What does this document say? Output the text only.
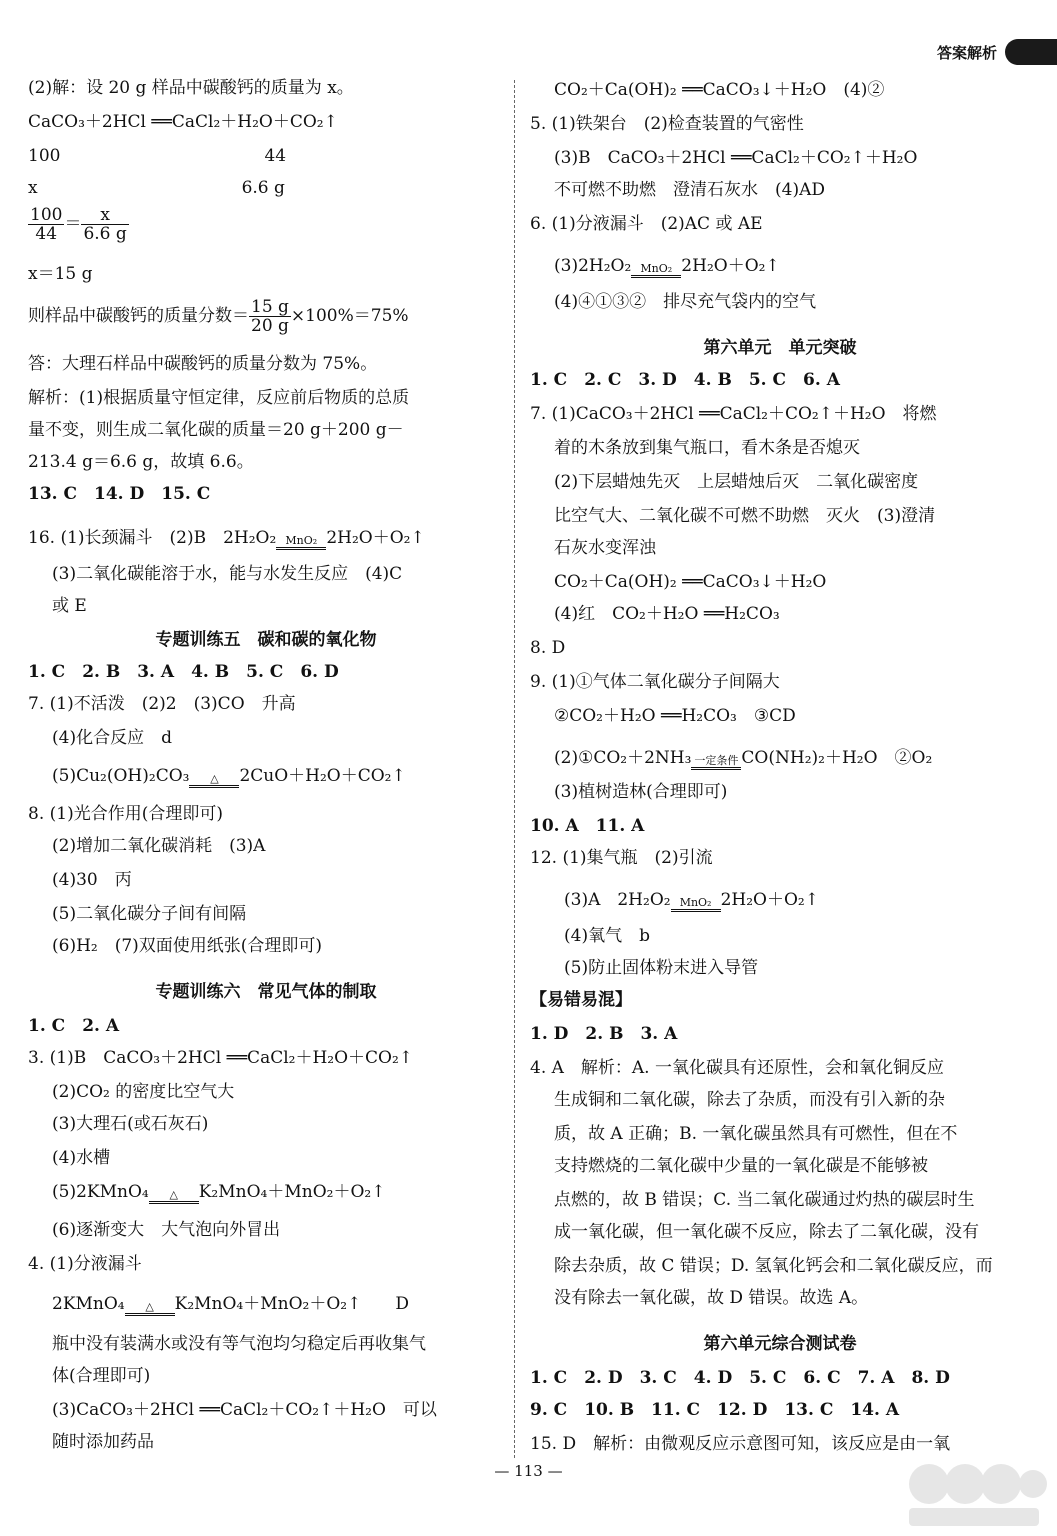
答案解析
(2)解：设 20 g 样品中碳酸钙的质量为 x。
CaCO₃＋2HCl ══CaCl₂＋H₂O＋CO₂↑
100　　　　　　　　　　　　44
x　　　　　　　　　　　　6.6 g
$\frac{100}{44} = \frac{x}{6.6 g}$
x＝15 g
则样品中碳酸钙的质量分数＝ $\frac{15 g}{20 g} \times 100\%=75\%$
答：大理石样品中碳酸钙的质量分数为 75%。
解析：(1)根据质量守恒定律，反应前后物质的总质
量不变，则生成二氧化碳的质量＝20 g＋200 g－
213.4 g＝6.6 g，故填 6.6。
13. C　14. D　15. C
16. (1)长颈漏斗　(2)B　2H₂O₂ MnO₂ 2H₂O＋O₂↑
(3)二氧化碳能溶于水，能与水发生反应　(4)C
或 E
专题训练五　碳和碳的氧化物
1. C　2. B　3. A　4. B　5. C　6. D
7. (1)不活泼　(2)2　(3)CO　升高
(4)化合反应　d
(5)Cu₂(OH)₂CO₃ △ 2CuO＋H₂O＋CO₂↑
8. (1)光合作用(合理即可)
(2)增加二氧化碳消耗　(3)A
(4)30　丙
(5)二氧化碳分子间有间隔
(6)H₂　(7)双面使用纸张(合理即可)
专题训练六　常见气体的制取
1. C　2. A
3. (1)B　CaCO₃＋2HCl ══CaCl₂＋H₂O＋CO₂↑
(2)CO₂ 的密度比空气大
(3)大理石(或石灰石)
(4)水槽
(5)2KMnO₄ △ K₂MnO₄＋MnO₂＋O₂↑
(6)逐渐变大　大气泡向外冒出
4. (1)分液漏斗
2KMnO₄ △ K₂MnO₄＋MnO₂＋O₂↑　　D
瓶中没有装满水或没有等气泡均匀稳定后再收集气
体(合理即可)
(3)CaCO₃＋2HCl ══CaCl₂＋CO₂↑＋H₂O　可以
随时添加药品
CO₂＋Ca(OH)₂ ══CaCO₃↓＋H₂O　(4)②
5. (1)铁架台　(2)检查装置的气密性
(3)B　CaCO₃＋2HCl ══CaCl₂＋CO₂↑＋H₂O
不可燃不助燃　澄清石灰水　(4)AD
6. (1)分液漏斗　(2)AC 或 AE
(3)2H₂O₂ MnO₂ 2H₂O＋O₂↑
(4)④①③②　排尽充气袋内的空气
第六单元　单元突破
1. C　2. C　3. D　4. B　5. C　6. A
7. (1)CaCO₃＋2HCl ══CaCl₂＋CO₂↑＋H₂O　将燃
着的木条放到集气瓶口，看木条是否熄灭
(2)下层蜡烛先灭　上层蜡烛后灭　二氧化碳密度
比空气大、二氧化碳不可燃不助燃　灭火　(3)澄清
石灰水变浑浊
CO₂＋Ca(OH)₂ ══CaCO₃↓＋H₂O
(4)红　CO₂＋H₂O ══H₂CO₃
8. D
9. (1)①气体二氧化碳分子间隔大
②CO₂＋H₂O ══H₂CO₃　③CD
(2)①CO₂＋2NH₃ 一定条件 CO(NH₂)₂＋H₂O　②O₂
(3)植树造林(合理即可)
10. A　11. A
12. (1)集气瓶　(2)引流
(3)A　2H₂O₂ MnO₂ 2H₂O＋O₂↑
(4)氧气　b
(5)防止固体粉末进入导管
【易错易混】
1. D　2. B　3. A
4. A　解析：A. 一氧化碳具有还原性，会和氧化铜反应
生成铜和二氧化碳，除去了杂质，而没有引入新的杂
质，故 A 正确；B. 一氧化碳虽然具有可燃性，但在不
支持燃烧的二氧化碳中少量的一氧化碳是不能够被
点燃的，故 B 错误；C. 当二氧化碳通过灼热的碳层时生
成一氧化碳，但一氧化碳不反应，除去了二氧化碳，没有
除去杂质，故 C 错误；D. 氢氧化钙会和二氧化碳反应，而
没有除去一氧化碳，故 D 错误。故选 A。
第六单元综合测试卷
1. C　2. D　3. C　4. D　5. C　6. C　7. A　8. D
9. C　10. B　11. C　12. D　13. C　14. A
15. D　解析：由微观反应示意图可知，该反应是由一氧
— 113 —
